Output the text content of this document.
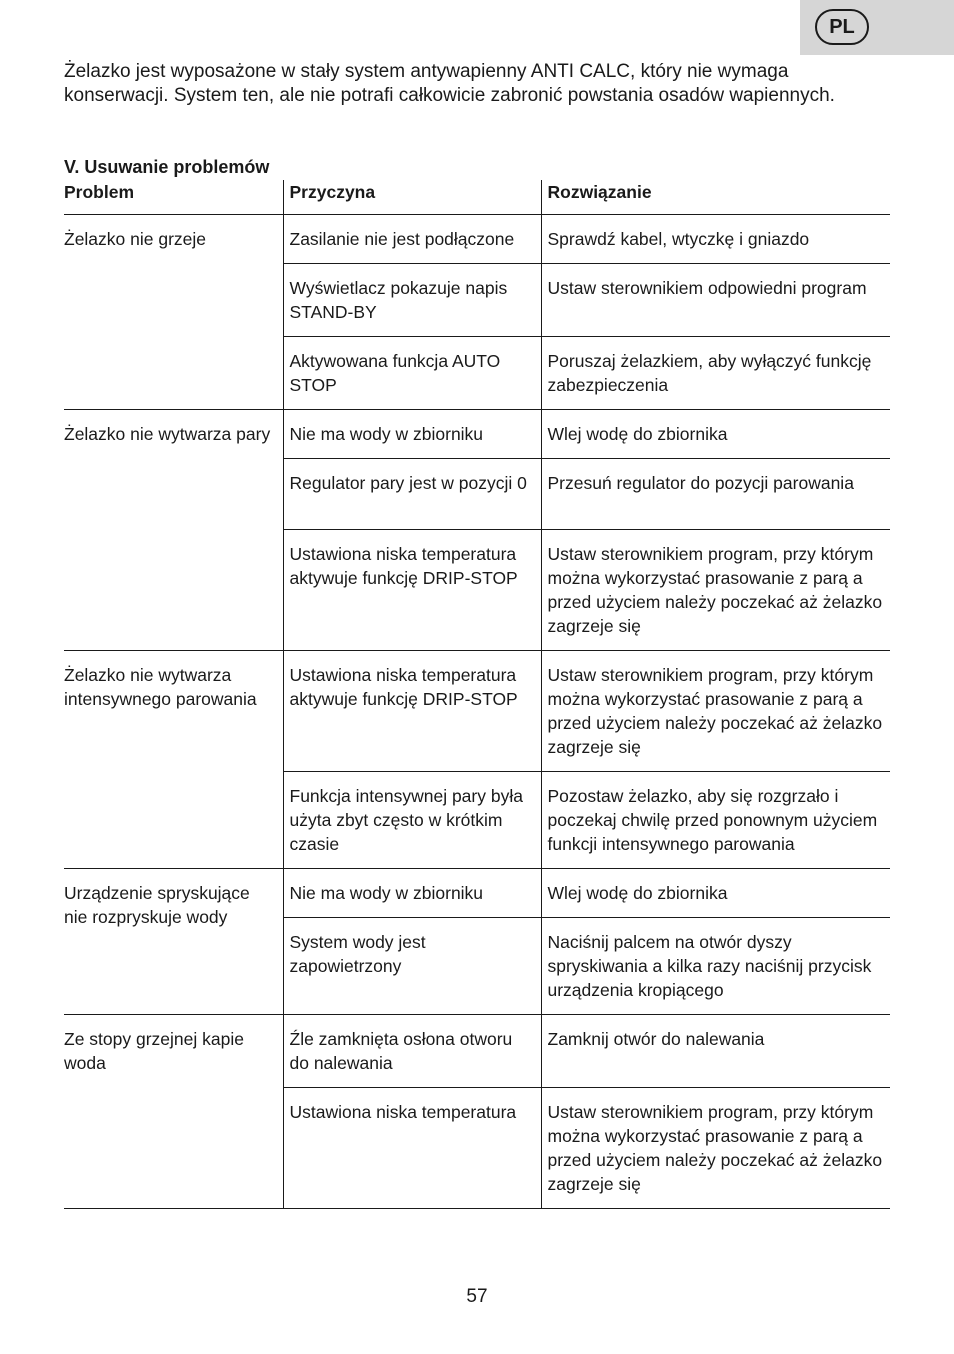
PL

Żelazko jest wyposażone w stały system antywapienny ANTI CALC, który nie wymaga konserwacji. System ten, ale nie potrafi całkowicie zabronić powstania osadów wapiennych.

V. Usuwanie problemów
Problem	Przyczyna	Rozwiązanie
Żelazko nie grzeje	Zasilanie nie jest podłączone	Sprawdź kabel, wtyczkę i gniazdo
	Wyświetlacz pokazuje napis STAND-BY	Ustaw sterownikiem odpowiedni program
	Aktywowana funkcja AUTO STOP	Poruszaj żelazkiem, aby wyłączyć funkcję zabezpieczenia
Żelazko nie wytwarza pary	Nie ma wody w zbiorniku	Wlej wodę do zbiornika
	Regulator pary jest w pozycji 0	Przesuń regulator do pozycji parowania
	Ustawiona niska temperatura aktywuje funkcję DRIP-STOP	Ustaw sterownikiem program, przy którym można wykorzystać prasowanie z parą a przed użyciem należy poczekać aż żelazko zagrzeje się
Żelazko nie wytwarza intensywnego parowania	Ustawiona niska temperatura aktywuje funkcję DRIP-STOP	Ustaw sterownikiem program, przy którym można wykorzystać prasowanie z parą a przed użyciem należy poczekać aż żelazko zagrzeje się
	Funkcja intensywnej pary była użyta zbyt często w krótkim czasie	Pozostaw żelazko, aby się rozgrzało i poczekaj chwilę przed ponownym użyciem funkcji intensywnego parowania
Urządzenie spryskujące nie rozpryskuje wody	Nie ma wody w zbiorniku	Wlej wodę do zbiornika
	System wody jest zapowietrzony	Naciśnij palcem na otwór dyszy spryskiwania a kilka razy naciśnij przycisk urządzenia kropiącego
Ze stopy grzejnej kapie woda	Źle zamknięta osłona otworu do nalewania	Zamknij otwór do nalewania
	Ustawiona niska temperatura	Ustaw sterownikiem program, przy którym można wykorzystać prasowanie z parą a przed użyciem należy poczekać aż żelazko zagrzeje się
57
